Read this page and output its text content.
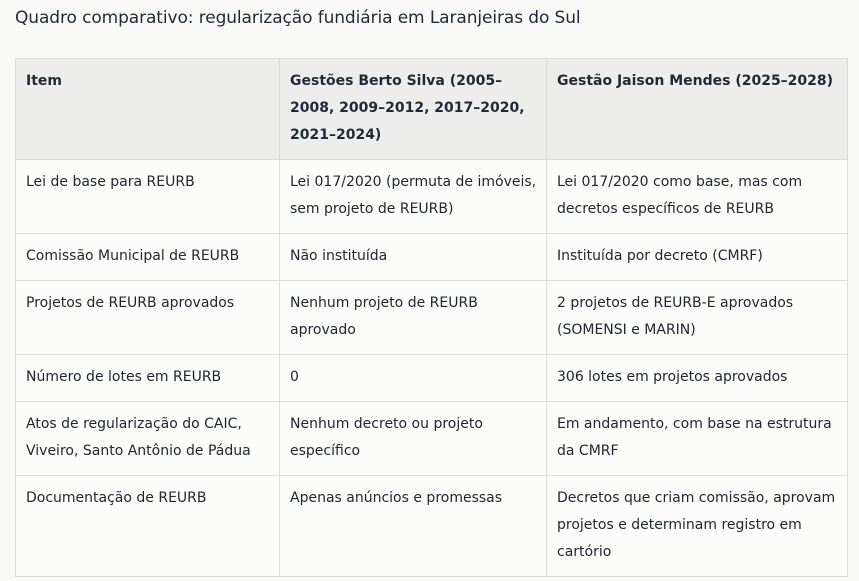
Quadro comparativo: regularização fundiária em Laranjeiras do Sul
Item	Gestões Berto Silva (2005–2008, 2009–2012, 2017–2020, 2021–2024)	Gestão Jaison Mendes (2025–2028)
Lei de base para REURB	Lei 017/2020 (permuta de imóveis, sem projeto de REURB)	Lei 017/2020 como base, mas com decretos específicos de REURB
Comissão Municipal de REURB	Não instituída	Instituída por decreto (CMRF)
Projetos de REURB aprovados	Nenhum projeto de REURB aprovado	2 projetos de REURB-E aprovados (SOMENSI e MARIN)
Número de lotes em REURB	0	306 lotes em projetos aprovados
Atos de regularização do CAIC, Viveiro, Santo Antônio de Pádua	Nenhum decreto ou projeto específico	Em andamento, com base na estrutura da CMRF
Documentação de REURB	Apenas anúncios e promessas	Decretos que criam comissão, aprovam projetos e determinam registro em cartório
